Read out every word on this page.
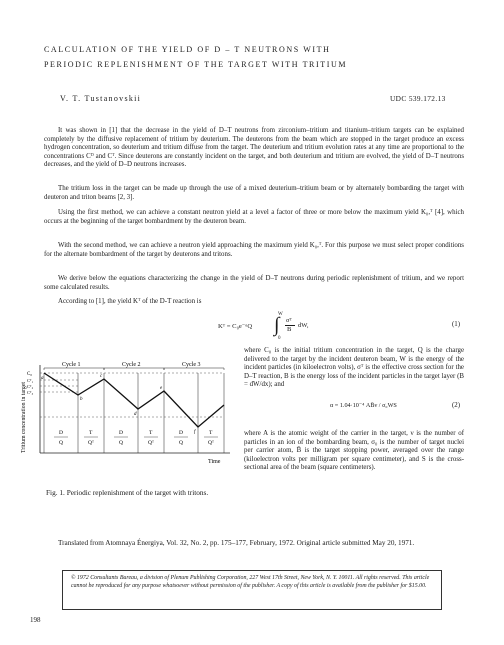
CALCULATION OF THE YIELD OF D – T NEUTRONS WITH PERIODIC REPLENISHMENT OF THE TARGET WITH TRITIUM
V. T. Tustanovskii	UDC 539.172.13

It was shown in [1] that the decrease in the yield of D–T neutrons from zirconium–tritium and titanium–tritium targets can be explained completely by the diffusive replacement of tritium by deuterium. The deuterons from the beam which are stopped in the target produce an excess hydrogen concentration, so deuterium and tritium diffuse from the target. The deuterium and tritium evolution rates at any time are proportional to the concentrations Cᴰ and Cᵀ. Since deuterons are constantly incident on the target, and both deuterium and tritium are evolved, the yield of D–T neutrons decreases, and the yield of D–D neutrons increases.

The tritium loss in the target can be made up through the use of a mixed deuterium–tritium beam or by alternately bombarding the target with deuteron and triton beams [2, 3].

Using the first method, we can achieve a constant neutron yield at a level a factor of three or more below the maximum yield K₀,ᵀ [4], which occurs at the beginning of the target bombardment by the deuteron beam.

With the second method, we can achieve a neutron yield approaching the maximum yield K₀,ᵀ. For this purpose we must select proper conditions for the alternate bombardment of the target by deuterons and tritons.

We derive below the equations characterizing the change in the yield of D–T neutrons during periodic replenishment of tritium, and we report some calculated results.

According to [1], the yield Kᵀ of the D-T reaction is

Kᵀ = C₀e⁻ᵅQ
W
∫
0
σᵀ
B
dW,	(1)

where C₀ is the initial tritium concentration in the target, Q is the charge delivered to the target by the incident deuteron beam, W is the energy of the incident particles (in kiloelectron volts), σᵀ is the effective cross section for the D–T reaction, B is the energy loss of the incident particles in the target layer (B = dW/dx); and

α = 1.04·10⁻⁴ AB̄ν / σ₀WS	(2)

where A is the atomic weight of the carrier in the target, ν is the number of particles in an ion of the bombarding beam, σ₀ is the number of target nuclei per carrier atom, B̄ is the target stopping power, averaged over the range (kiloelectron volts per milligram per square centimeter), and S is the cross-sectional area of the beam (square centimeters).

Cycle 1	Cycle 2	Cycle 3
C₀
Cᵀ₁
Cᵀ₂
Cᵀ₃
a
b
c
d
e
f
D	T	D	T	D	T
Q	Qᵀ	Q	Qᵀ	Q	Qᵀ
Tritium concentration in target
Time
Fig. 1. Periodic replenishment of the target with tritons.

Translated from Atomnaya Énergiya, Vol. 32, No. 2, pp. 175–177, February, 1972. Original article submitted May 20, 1971.

© 1972 Consultants Bureau, a division of Plenum Publishing Corporation, 227 West 17th Street, New York, N. Y. 10011. All rights reserved. This article cannot be reproduced for any purpose whatsoever without permission of the publisher. A copy of this article is available from the publisher for $15.00.
198
